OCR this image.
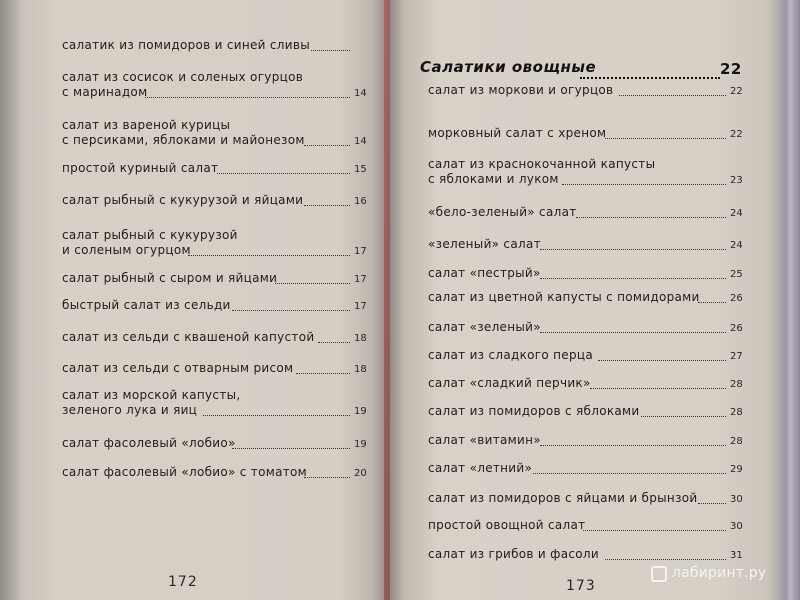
салатик из помидоров и синей сливы
салат из сосисок и соленых огурцов
с маринадом	14
салат из вареной курицы
с персиками, яблоками и майонезом	14
простой куриный салат	15
салат рыбный с кукурузой и яйцами	16
салат рыбный с кукурузой
и соленым огурцом	17
салат рыбный с сыром и яйцами	17
быстрый салат из сельди	17
салат из сельди с квашеной капустой	18
салат из сельди с отварным рисом	18
салат из морской капусты,
зеленого лука и яиц	19
салат фасолевый «лобио»	19
салат фасолевый «лобио» с томатом	20
Салатики овощные	22
салат из моркови и огурцов	22
морковный салат с хреном	22
салат из краснокочанной капусты
с яблоками и луком	23
«бело-зеленый» салат	24
«зеленый» салат	24
салат «пестрый»	25
салат из цветной капусты с помидорами	26
салат «зеленый»	26
салат из сладкого перца	27
салат «сладкий перчик»	28
салат из помидоров с яблоками	28
салат «витамин»	28
салат «летний»	29
салат из помидоров с яйцами и брынзой	30
простой овощной салат	30
салат из грибов и фасоли	31
172	173
лабиринт.ру
